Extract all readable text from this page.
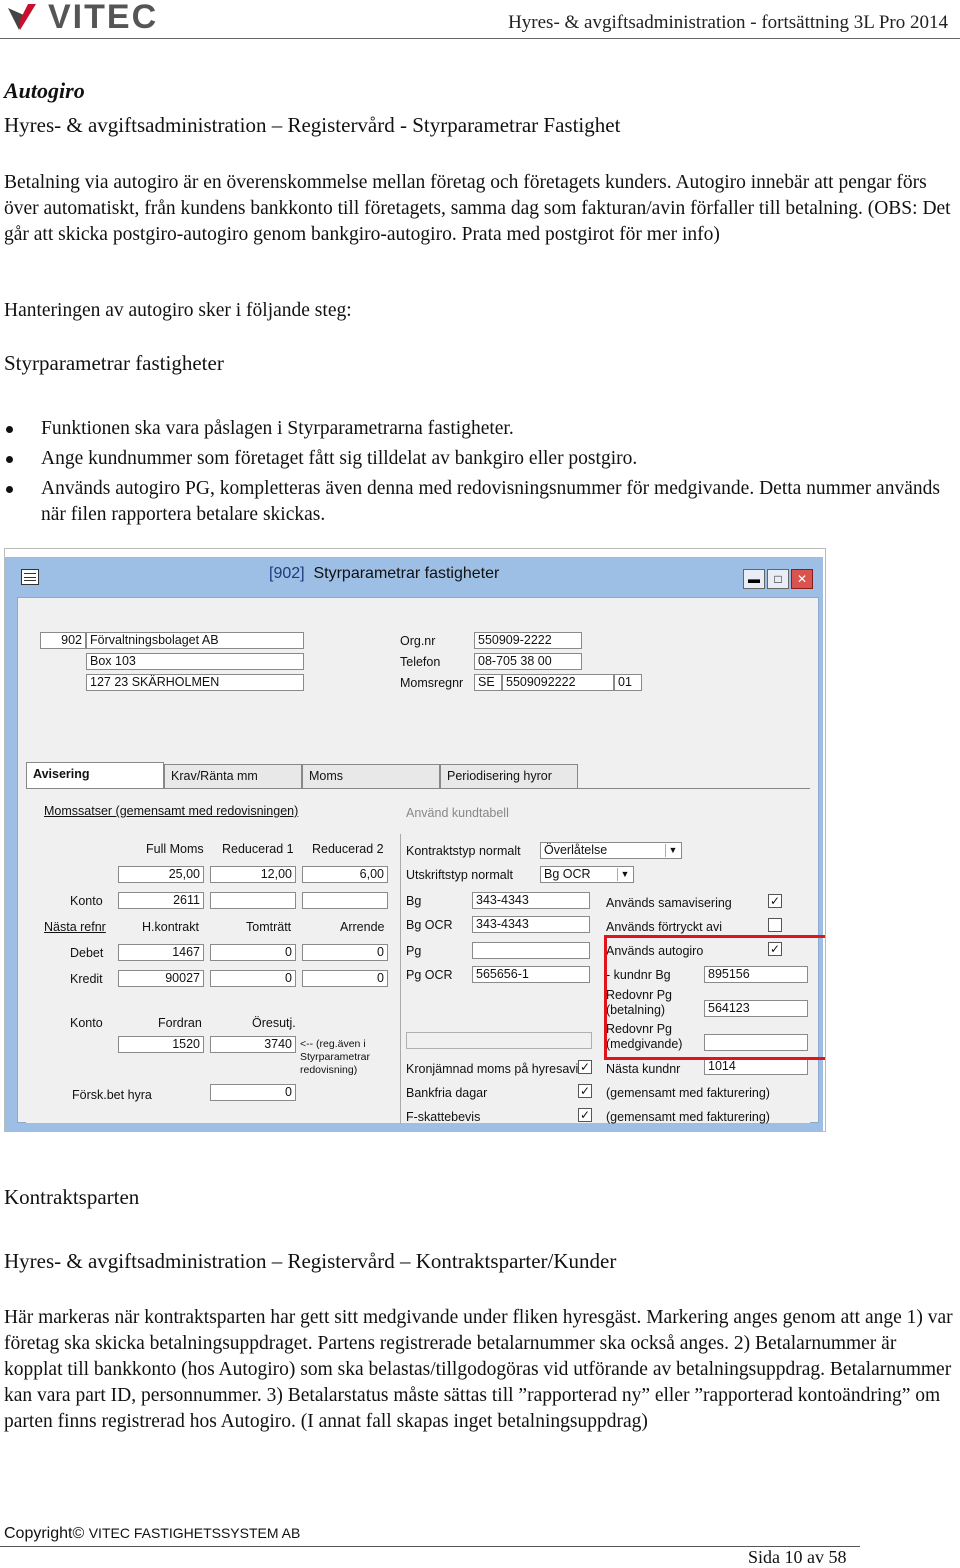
VITEC	Hyres- & avgiftsadministration - fortsättning 3L Pro 2014
Autogiro
Hyres- & avgiftsadministration – Registervård - Styrparametrar Fastighet
Betalning via autogiro är en överenskommelse mellan företag och företagets kunders. Autogiro innebär att pengar förs över automatiskt, från kundens bankkonto till företagets, samma dag som fakturan/avin förfaller till betalning. (OBS: Det går att skicka postgiro-autogiro genom bankgiro-autogiro. Prata med postgirot för mer info)
Hanteringen av autogiro sker i följande steg:
Styrparametrar fastigheter
Funktionen ska vara påslagen i Styrparametrarna fastigheter.
Ange kundnummer som företaget fått sig tilldelat av bankgiro eller postgiro.
Används autogiro PG, kompletteras även denna med redovisningsnummer för medgivande. Detta nummer används när filen rapportera betalare skickas.
[902] Styrparametrar fastigheter	▬	□	✕
902 Förvaltningsbolaget AB
Box 103
127 23 SKÄRHOLMEN
Org.nr	550909-2222
Telefon	08-705 38 00
Momsregnr	SE 5509092222	01
Avisering	Krav/Ränta mm	Moms	Periodisering hyror
Momssatser (gemensamt med redovisningen)
Full Moms Reducerad 1 Reducerad 2
25,00	12,00	6,00
Konto	2611
Nästa refnr	H.kontrakt	Tomträtt	Arrende
Debet	1467	0	0
Kredit	90027	0	0
Konto	Fordran	Öresutj.
1520	3740 <-- (reg.även i Styrparametrar redovisning)
Försk.bet hyra	0
Använd kundtabell
Kontraktstyp normalt	Överlåtelse	▼
Utskriftstyp normalt	Bg OCR	▼
Bg	343-4343
Bg OCR	343-4343
Pg
Pg OCR	565656-1
Kronjämnad moms på hyresavi ✓
Bankfria dagar	✓
F-skattebevis	✓
Används samavisering	✓
Används förtryckt avi
Används autogiro	✓
- kundnr Bg	895156
Redovnr Pg (betalning)	564123
Redovnr Pg (medgivande)
Nästa kundnr	1014
(gemensamt med fakturering)
(gemensamt med fakturering)
Kontraktsparten
Hyres- & avgiftsadministration – Registervård – Kontraktsparter/Kunder
Här markeras när kontraktsparten har gett sitt medgivande under fliken hyresgäst. Markering anges genom att ange 1) var företag ska skicka betalningsuppdraget. Partens registrerade betalarnummer ska också anges. 2) Betalarnummer är kopplat till bankkonto (hos Autogiro) som ska belastas/tillgodogöras vid utförande av betalningsuppdrag. Betalarnummer kan vara part ID, personnummer. 3) Betalarstatus måste sättas till ”rapporterad ny” eller ”rapporterad kontoändring” om parten finns registrerad hos Autogiro. (I annat fall skapas inget betalningsuppdrag)
Copyright© VITEC FASTIGHETSSYSTEM AB
Sida 10 av 58
